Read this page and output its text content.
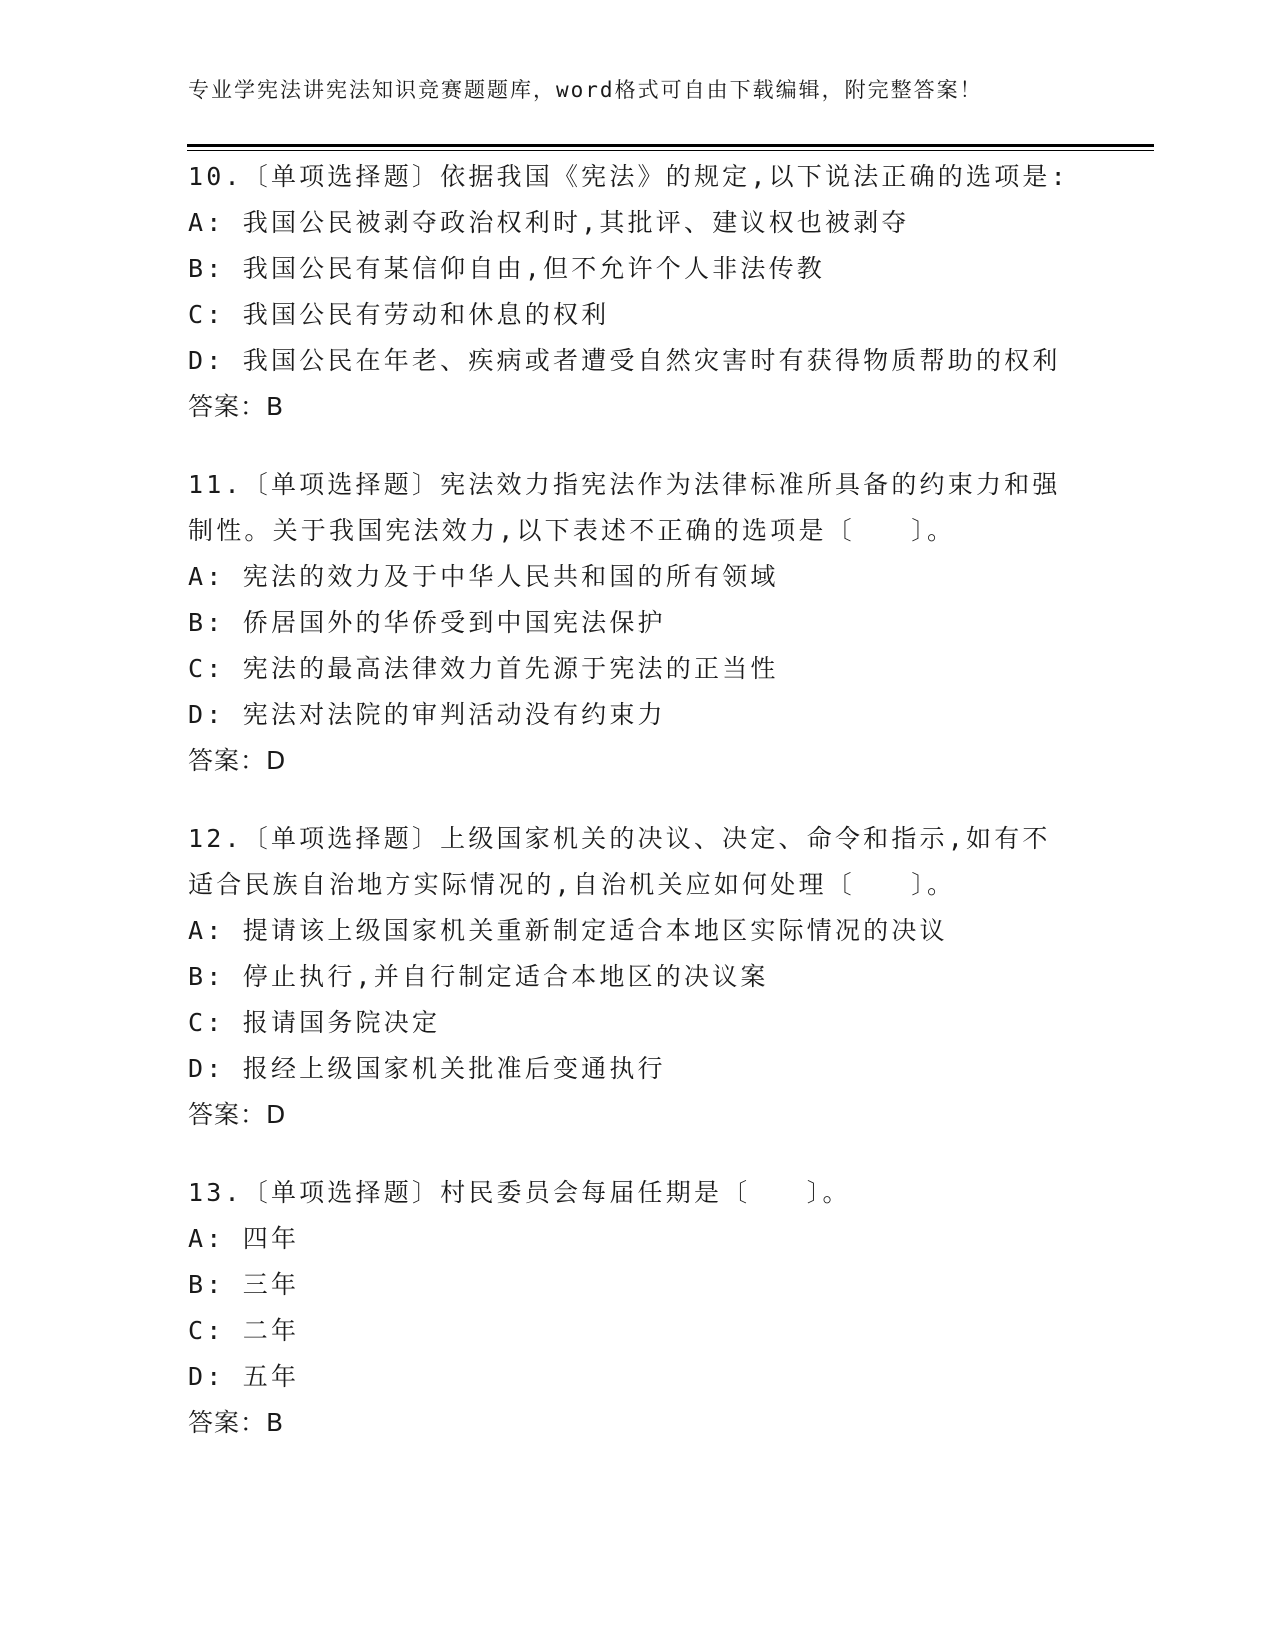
专业学宪法讲宪法知识竞赛题题库，word格式可自由下载编辑，附完整答案！
10.〔单项选择题〕依据我国《宪法》的规定,以下说法正确的选项是:
A: 我国公民被剥夺政治权利时,其批评、建议权也被剥夺
B: 我国公民有某信仰自由,但不允许个人非法传教
C: 我国公民有劳动和休息的权利
D: 我国公民在年老、疾病或者遭受自然灾害时有获得物质帮助的权利
答案：B
11.〔单项选择题〕宪法效力指宪法作为法律标准所具备的约束力和强
制性。关于我国宪法效力,以下表述不正确的选项是〔　　〕。
A: 宪法的效力及于中华人民共和国的所有领域
B: 侨居国外的华侨受到中国宪法保护
C: 宪法的最高法律效力首先源于宪法的正当性
D: 宪法对法院的审判活动没有约束力
答案：D
12.〔单项选择题〕上级国家机关的决议、决定、命令和指示,如有不
适合民族自治地方实际情况的,自治机关应如何处理〔　　〕。
A: 提请该上级国家机关重新制定适合本地区实际情况的决议
B: 停止执行,并自行制定适合本地区的决议案
C: 报请国务院决定
D: 报经上级国家机关批准后变通执行
答案：D
13.〔单项选择题〕村民委员会每届任期是〔　　〕。
A: 四年
B: 三年
C: 二年
D: 五年
答案：B
